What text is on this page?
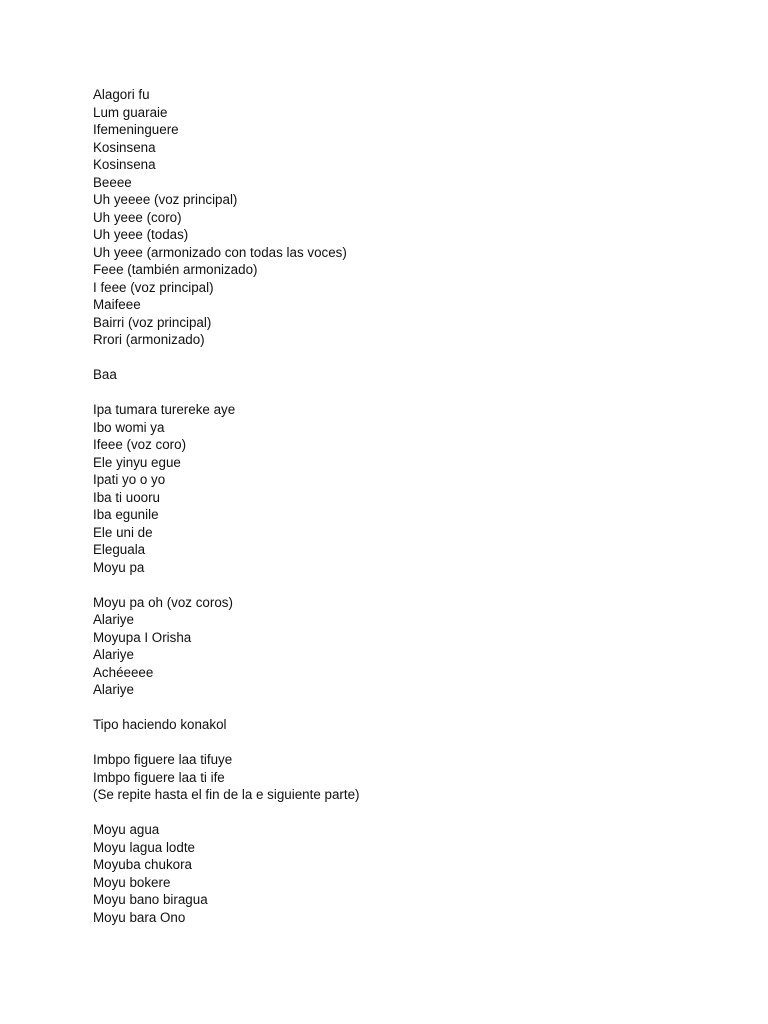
Alagori fu
Lum guaraie
Ifemeninguere
Kosinsena
Kosinsena
Beeee
Uh yeeee (voz principal)
Uh yeee (coro)
Uh yeee (todas)
Uh yeee (armonizado con todas las voces)
Feee (también armonizado)
I feee (voz principal)
Maifeee
Bairri (voz principal)
Rrori (armonizado)
Baa
Ipa tumara turereke aye
Ibo womi ya
Ifeee (voz coro)
Ele yinyu egue
Ipati yo o yo
Iba ti uooru
Iba egunile
Ele uni de
Eleguala
Moyu pa
Moyu pa oh (voz coros)
Alariye
Moyupa I Orisha
Alariye
Achéeeee
Alariye
Tipo haciendo konakol
Imbpo figuere laa tifuye
Imbpo figuere laa ti ife
(Se repite hasta el fin de la e siguiente parte)
Moyu agua
Moyu lagua lodte
Moyuba chukora
Moyu bokere
Moyu bano biragua
Moyu bara Ono
